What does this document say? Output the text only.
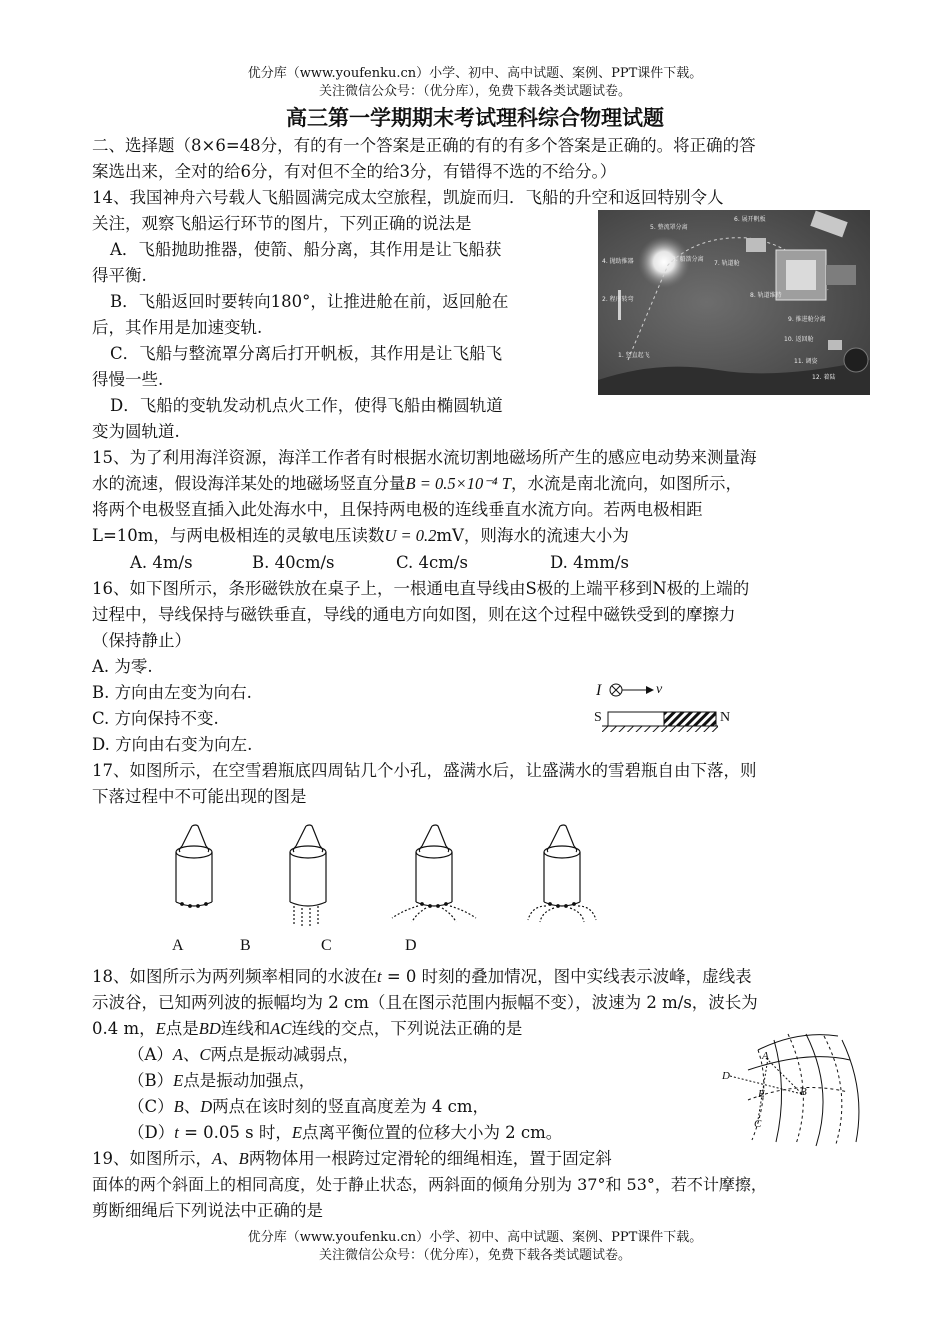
优分库（www.youfenku.cn）小学、初中、高中试题、案例、PPT课件下载。
关注微信公众号：（优分库），免费下载各类试题试卷。
高三第一学期期末考试理科综合物理试题
二、选择题（8×6=48分，有的有一个答案是正确的有的有多个答案是正确的。将正确的答
案选出来，全对的给6分，有对但不全的给3分，有错得不选的不给分。）
14、我国神舟六号载人飞船圆满完成太空旅程，凯旋而归．飞船的升空和返回特别令人
关注，观察飞船运行环节的图片，下列正确的说法是
A．飞船抛助推器，使箭、船分离，其作用是让飞船获
得平衡.
B．飞船返回时要转向180°，让推进舱在前，返回舱在
后，其作用是加速变轨.
C．飞船与整流罩分离后打开帆板，其作用是让飞船飞
得慢一些.
D．飞船的变轨发动机点火工作，使得飞船由椭圆轨道
变为圆轨道.
5. 整流罩分离
6. 展开帆板
4. 抛助推器	3. 船箭分离
2. 程序转弯
7. 轨道舱
8. 轨道维持
9. 推进舱分离
1. 竖直起飞
10. 返回舱
11. 调姿
12. 着陆
15、为了利用海洋资源，海洋工作者有时根据水流切割地磁场所产生的感应电动势来测量海
水的流速，假设海洋某处的地磁场竖直分量B = 0.5×10⁻⁴ T，水流是南北流向，如图所示，
将两个电极竖直插入此处海水中，且保持两电极的连线垂直水流方向。若两电极相距
L=10m，与两电极相连的灵敏电压读数U = 0.2mV，则海水的流速大小为
A. 4m/s	B. 40cm/s	C. 4cm/s	D. 4mm/s
16、如下图所示，条形磁铁放在桌子上，一根通电直导线由S极的上端平移到N极的上端的
过程中，导线保持与磁铁垂直，导线的通电方向如图，则在这个过程中磁铁受到的摩擦力
（保持静止）
A. 为零.
B. 方向由左变为向右.
C. 方向保持不变.
D. 方向由右变为向左.
I	v
S	N
17、如图所示，在空雪碧瓶底四周钻几个小孔，盛满水后，让盛满水的雪碧瓶自由下落，则
下落过程中不可能出现的图是
A	B	C	D
18、如图所示为两列频率相同的水波在t = 0 时刻的叠加情况，图中实线表示波峰，虚线表
示波谷，已知两列波的振幅均为 2 cm（且在图示范围内振幅不变），波速为 2 m/s，波长为
0.4 m，E点是BD连线和AC连线的交点，下列说法正确的是
（A）A、C两点是振动减弱点，
（B）E点是振动加强点，
（C）B、D两点在该时刻的竖直高度差为 4 cm，
（D）t = 0.05 s 时，E点离平衡位置的位移大小为 2 cm。
A
B
C
D
E
19、如图所示，A、B两物体用一根跨过定滑轮的细绳相连，置于固定斜
面体的两个斜面上的相同高度，处于静止状态，两斜面的倾角分别为 37°和 53°，若不计摩擦，
剪断细绳后下列说法中正确的是
优分库（www.youfenku.cn）小学、初中、高中试题、案例、PPT课件下载。
关注微信公众号：（优分库），免费下载各类试题试卷。
